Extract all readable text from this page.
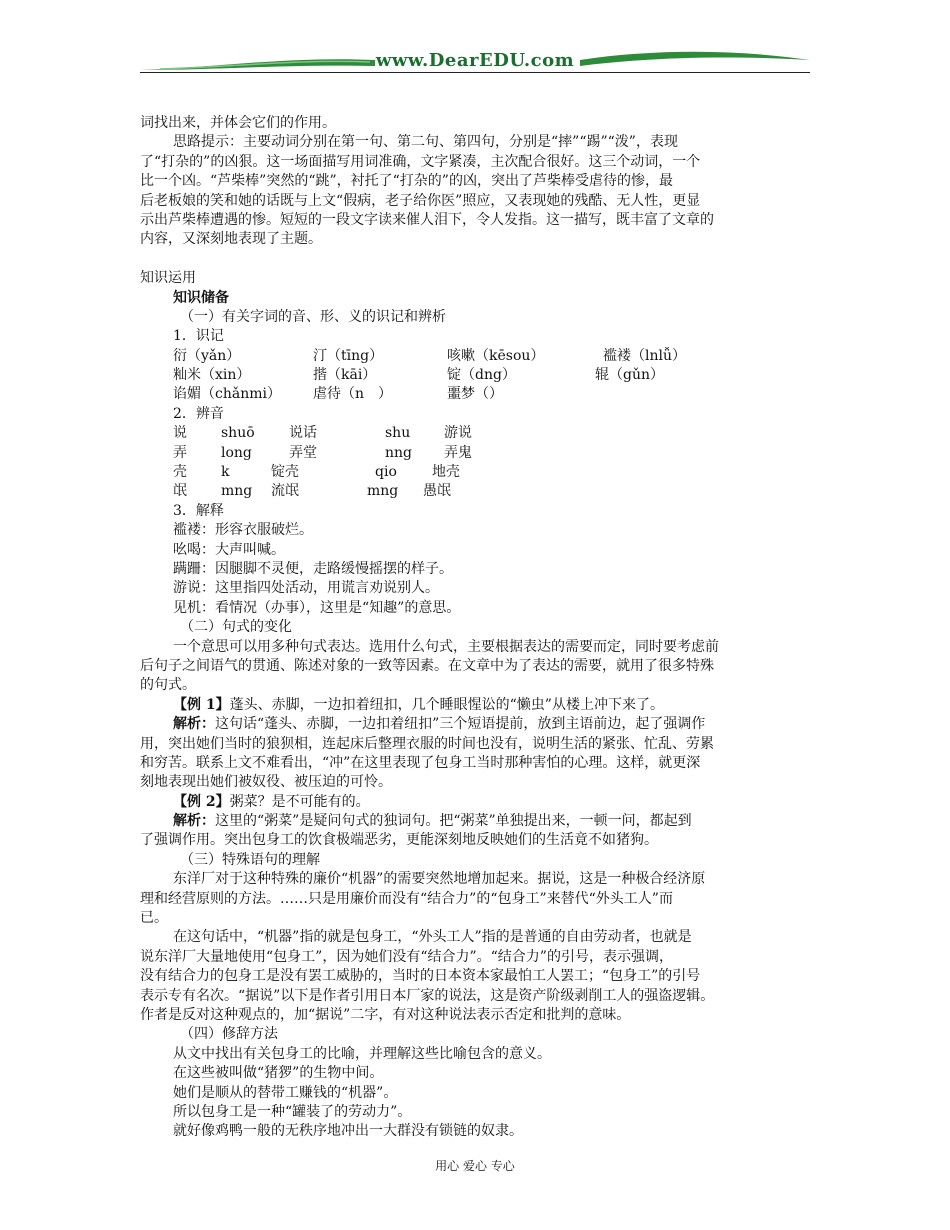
www.DearEDU.com
词找出来，并体会它们的作用。
思路提示：主要动词分别在第一句、第二句、第四句，分别是“摔”“踢”“泼”，表现
了“打杂的”的凶狠。这一场面描写用词准确，文字紧凑，主次配合很好。这三个动词，一个
比一个凶。“芦柴棒”突然的“跳”，衬托了“打杂的”的凶，突出了芦柴棒受虐待的惨，最
后老板娘的笑和她的话既与上文“假病，老子给你医”照应，又表现她的残酷、无人性，更显
示出芦柴棒遭遇的惨。短短的一段文字读来催人泪下，令人发指。这一描写，既丰富了文章的
内容，又深刻地表现了主题。
知识运用
知识储备
（一）有关字词的音、形、义的识记和辨析
1．识记
衍（yǎn）	汀（tīng）	咳嗽（kēsou）	褴褛（lnlǚ）
籼米（xin）	揩（kāi）	锭（dng）	辊（gǔn）
谄媚（chǎnmi）	虐待（n　）	噩梦（）
2．辨音
说	shuō	说话	shu	游说
弄	long	弄堂	nng	弄鬼
壳	k	锭壳	qio	地壳
氓	mng	流氓	mng	愚氓
3．解释
褴褛：形容衣服破烂。
吆喝：大声叫喊。
蹒跚：因腿脚不灵便，走路缓慢摇摆的样子。
游说：这里指四处活动，用谎言劝说别人。
见机：看情况（办事），这里是“知趣”的意思。
（二）句式的变化
一个意思可以用多种句式表达。选用什么句式，主要根据表达的需要而定，同时要考虑前
后句子之间语气的贯通、陈述对象的一致等因素。在文章中为了表达的需要，就用了很多特殊
的句式。
【例 1】蓬头、赤脚，一边扣着纽扣，几个睡眼惺讼的“懒虫”从楼上冲下来了。
解析：这句话“蓬头、赤脚，一边扣着纽扣”三个短语提前，放到主语前边，起了强调作
用，突出她们当时的狼狈相，连起床后整理衣服的时间也没有，说明生活的紧张、忙乱、劳累
和穷苦。联系上文不难看出，“冲”在这里表现了包身工当时那种害怕的心理。这样，就更深
刻地表现出她们被奴役、被压迫的可怜。
【例 2】粥菜？是不可能有的。
解析：这里的“粥菜”是疑问句式的独词句。把“粥菜”单独提出来，一顿一问，都起到
了强调作用。突出包身工的饮食极端恶劣，更能深刻地反映她们的生活竟不如猪狗。
（三）特殊语句的理解
东洋厂对于这种特殊的廉价“机器”的需要突然地增加起来。据说，这是一种极合经济原
理和经营原则的方法。……只是用廉价而没有“结合力”的“包身工”来替代“外头工人”而
已。
在这句话中，“机器”指的就是包身工，“外头工人”指的是普通的自由劳动者，也就是
说东洋厂大量地使用“包身工”，因为她们没有“结合力”。“结合力”的引号，表示强调，
没有结合力的包身工是没有罢工威胁的，当时的日本资本家最怕工人罢工；“包身工”的引号
表示专有名次。“据说”以下是作者引用日本厂家的说法，这是资产阶级剥削工人的强盗逻辑。
作者是反对这种观点的，加“据说”二字，有对这种说法表示否定和批判的意味。
（四）修辞方法
从文中找出有关包身工的比喻，并理解这些比喻包含的意义。
在这些被叫做“猪猡”的生物中间。
她们是顺从的替带工赚钱的“机器”。
所以包身工是一种“罐装了的劳动力”。
就好像鸡鸭一般的无秩序地冲出一大群没有锁链的奴隶。
用心 爱心 专心
